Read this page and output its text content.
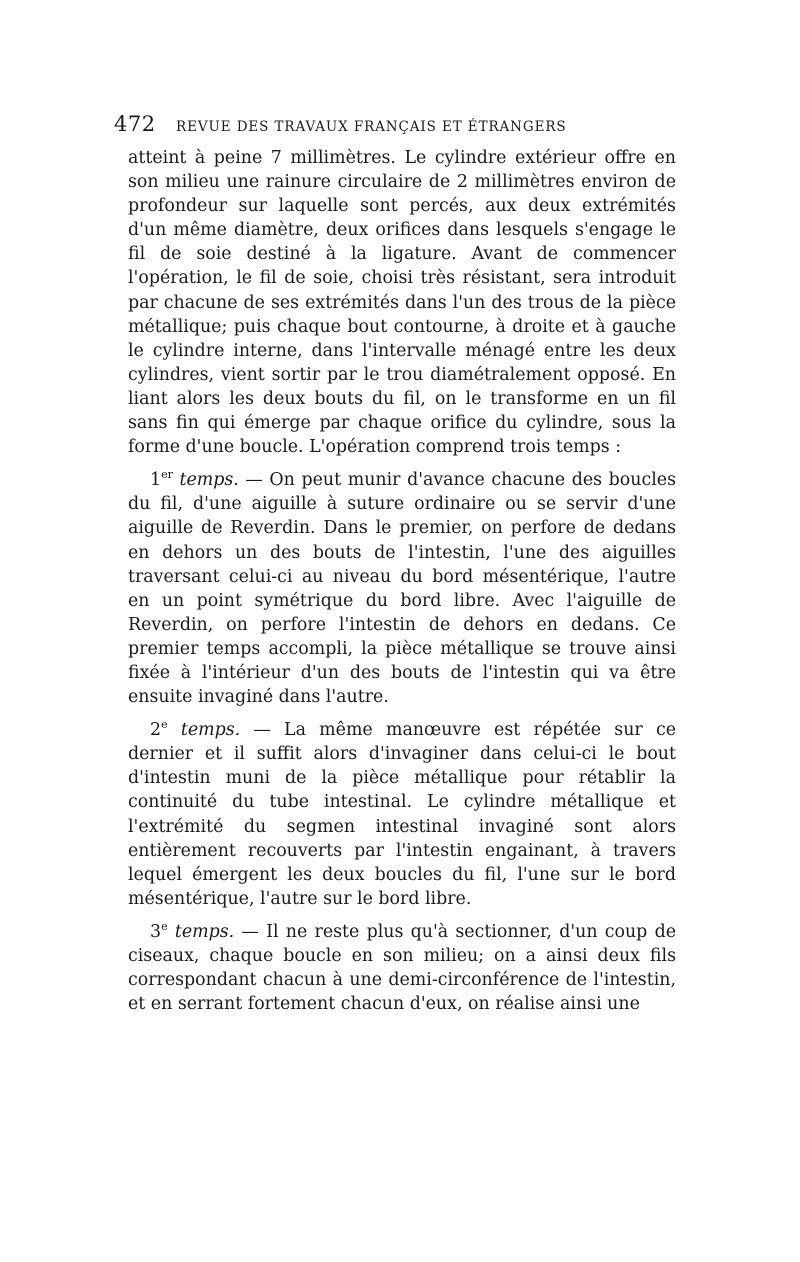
472	REVUE DES TRAVAUX FRANÇAIS ET ÉTRANGERS

atteint à peine 7 millimètres. Le cylindre extérieur offre en son milieu une rainure circulaire de 2 millimètres environ de profondeur sur laquelle sont percés, aux deux extrémités d'un même diamètre, deux orifices dans lesquels s'engage le fil de soie destiné à la ligature. Avant de commencer l'opération, le fil de soie, choisi très résistant, sera introduit par chacune de ses extrémités dans l'un des trous de la pièce métallique; puis chaque bout contourne, à droite et à gauche le cylindre interne, dans l'intervalle ménagé entre les deux cylindres, vient sortir par le trou diamétralement opposé. En liant alors les deux bouts du fil, on le transforme en un fil sans fin qui émerge par chaque orifice du cylindre, sous la forme d'une boucle. L'opération comprend trois temps :

1er temps. — On peut munir d'avance chacune des boucles du fil, d'une aiguille à suture ordinaire ou se servir d'une aiguille de Reverdin. Dans le premier, on perfore de dedans en dehors un des bouts de l'intestin, l'une des aiguilles traversant celui-ci au niveau du bord mésentérique, l'autre en un point symétrique du bord libre. Avec l'aiguille de Reverdin, on perfore l'intestin de dehors en dedans. Ce premier temps accompli, la pièce métallique se trouve ainsi fixée à l'intérieur d'un des bouts de l'intestin qui va être ensuite invaginé dans l'autre.

2e temps. — La même manœuvre est répétée sur ce dernier et il suffit alors d'invaginer dans celui-ci le bout d'intestin muni de la pièce métallique pour rétablir la continuité du tube intestinal. Le cylindre métallique et l'extrémité du segmen intestinal invaginé sont alors entièrement recouverts par l'intestin engainant, à travers lequel émergent les deux boucles du fil, l'une sur le bord mésentérique, l'autre sur le bord libre.

3e temps. — Il ne reste plus qu'à sectionner, d'un coup de ciseaux, chaque boucle en son milieu; on a ainsi deux fils correspondant chacun à une demi-circonférence de l'intestin, et en serrant fortement chacun d'eux, on réalise ainsi une
